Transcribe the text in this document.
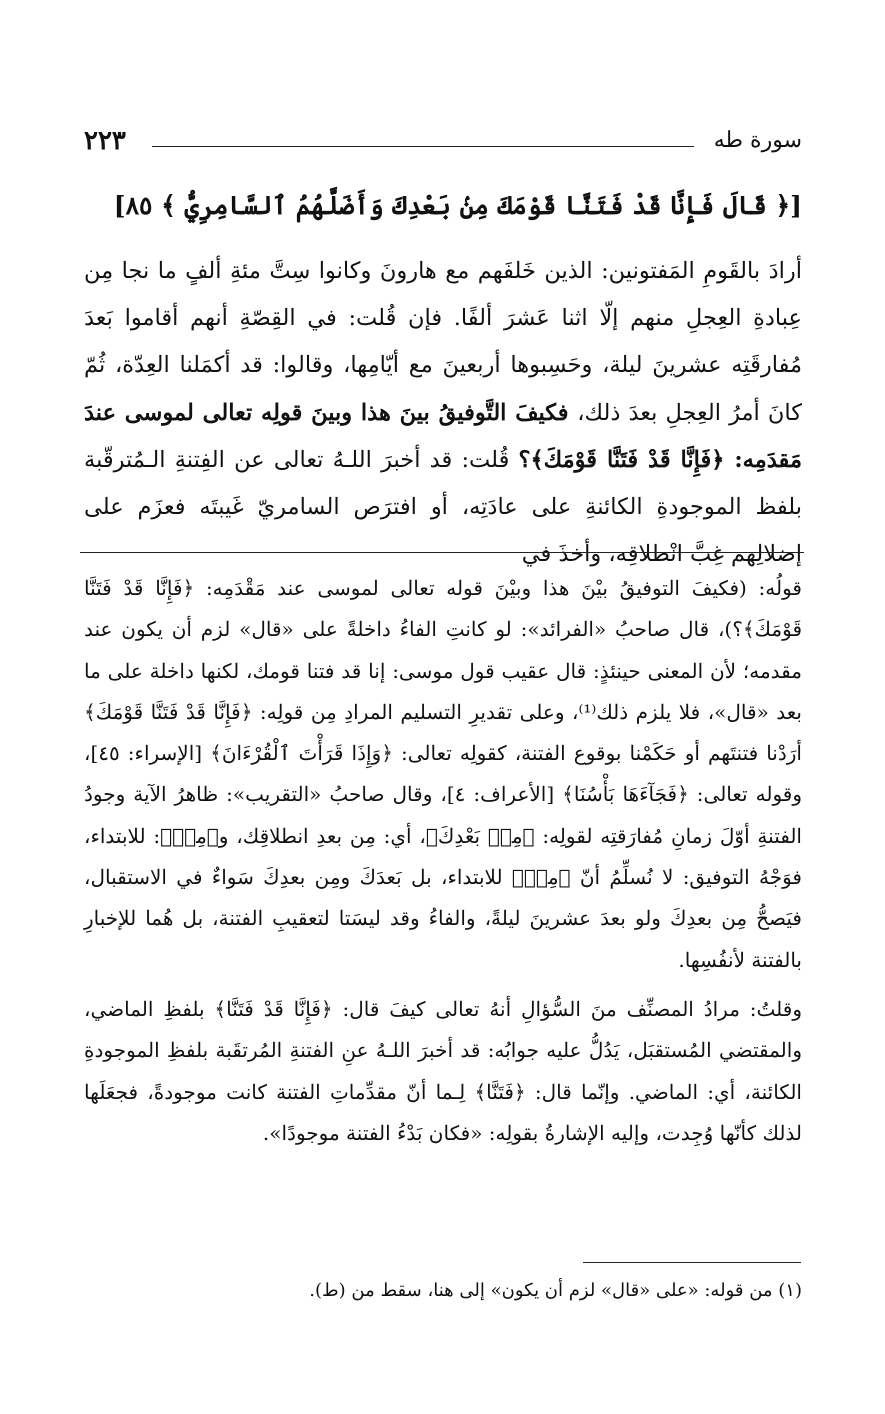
٢٢٣	سورة طه
[﴿ قَالَ فَإِنَّا قَدْ فَتَنَّا قَوْمَكَ مِنۢ بَعْدِكَ وَأَضَلَّهُمُ ٱلسَّامِرِيُّ ﴾ ٨٥]
أرادَ بالقَومِ المَفتونين: الذين خَلفَهم مع هارونَ وكانوا سِتَّ مئةِ ألفٍ ما نجا مِن عِبادةِ العِجلِ منهم إلّا اثنا عَشرَ ألفًا. فإن قُلت: في القِصّةِ أنهم أقاموا بَعدَ مُفارقَتِه عشرينَ ليلة، وحَسِبوها أربعينَ مع أيّامِها، وقالوا: قد أكمَلنا العِدّة، ثُمّ كانَ أمرُ العِجلِ بعدَ ذلك، فكيفَ التَّوفيقُ بينَ هذا وبينَ قولِه تعالى لموسى عندَ مَقدَمِه: ﴿فَإِنَّا قَدْ فَتَنَّا قَوْمَكَ﴾؟ قُلت: قد أخبرَ اللـهُ تعالى عن الفِتنةِ الـمُترقّبة بلفظ الموجودةِ الكائنةِ على عادَتِه، أو افترَص السامريّ غَيبتَه فعزَم على إضلالِهم غِبَّ انْطلاقِه، وأخذَ في

قولُه: (فكيفَ التوفيقُ بيْنَ هذا وبيْنَ قوله تعالى لموسى عند مَقْدَمِه: ﴿فَإِنَّا قَدْ فَتَنَّا قَوْمَكَ﴾؟)، قال صاحبُ «الفرائد»: لو كانتِ الفاءُ داخلةً على «قال» لزم أن يكون عند مقدمه؛ لأن المعنى حينئذٍ: قال عقيب قول موسى: إنا قد فتنا قومك، لكنها داخلة على ما بعد «قال»، فلا يلزم ذلك⁽¹⁾، وعلى تقديرِ التسليم المرادِ مِن قولِه: ﴿فَإِنَّا قَدْ فَتَنَّا قَوْمَكَ﴾ أرَدْنا فتنتَهم أو حَكَمْنا بوقوع الفتنة، كقولِه تعالى: ﴿وَإِذَا قَرَأْتَ ٱلْقُرْءَانَ﴾ [الإسراء: ٤٥]، وقوله تعالى: ﴿فَجَآءَهَا بَأْسُنَا﴾ [الأعراف: ٤]، وقال صاحبُ «التقريب»: ظاهرُ الآية وجودُ الفتنةِ أوّلَ زمانِ مُفارَقتِه لقولِه: ﴿مِنۢ بَعْدِكَ﴾، أي: مِن بعدِ انطلاقِك، و﴿مِنۢ﴾: للابتداء، فوَجْهُ التوفيق: لا نُسلِّمُ أنّ ﴿مِنۢ﴾ للابتداء، بل بَعدَكَ ومِن بعدِكَ سَواءٌ في الاستقبال، فيَصحُّ مِن بعدِكَ ولو بعدَ عشرينَ ليلةً، والفاءُ وقد ليسَتا لتعقيبِ الفتنة، بل هُما للإخبارِ بالفتنة لأنفُسِها.

وقلتُ: مرادُ المصنِّف منَ السُّؤالِ أنهُ تعالى كيفَ قال: ﴿فَإِنَّا قَدْ فَتَنَّا﴾ بلفظِ الماضي، والمقتضي المُستقبَل، يَدُلُّ عليه جوابُه: قد أخبرَ اللـهُ عنِ الفتنةِ المُرتقَبة بلفظِ الموجودةِ الكائنة، أي: الماضي. وإنّما قال: ﴿فَتَنَّا﴾ لِـما أنّ مقدِّماتِ الفتنة كانت موجودةً، فجعَلَها لذلك كأنّها وُجِدت، وإليه الإشارةُ بقولِه: «فكان بَدْءُ الفتنة موجودًا».

(١) من قوله: «على «قال» لزم أن يكون» إلى هنا، سقط من (ط).
